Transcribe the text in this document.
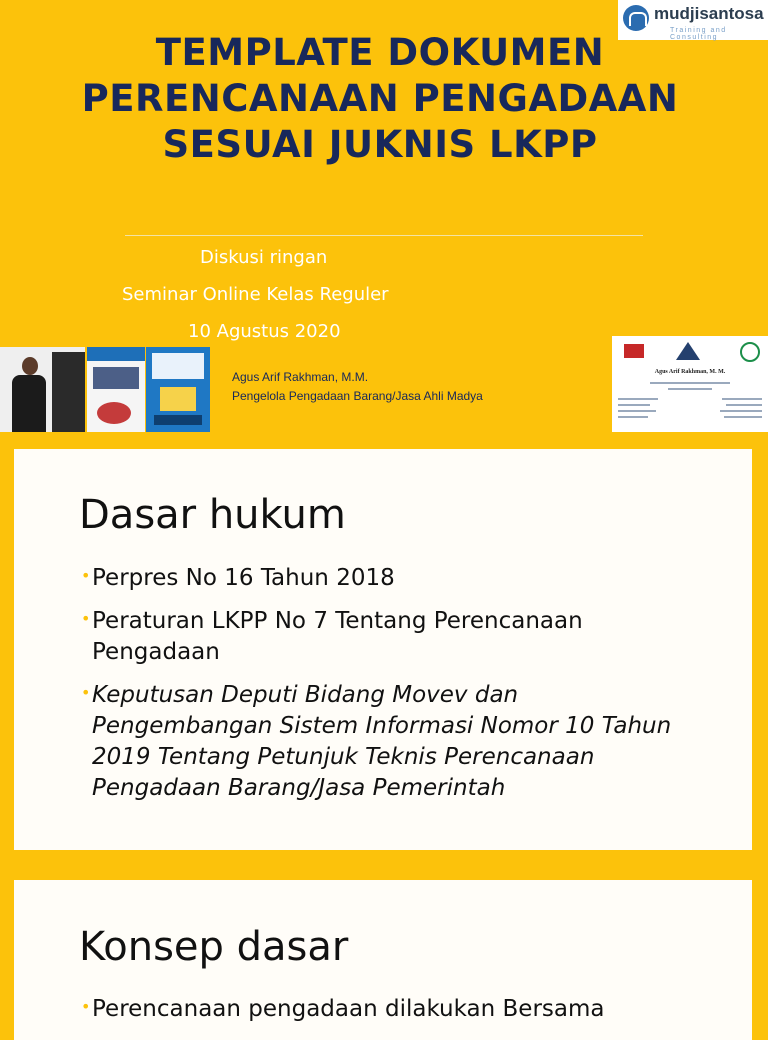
TEMPLATE DOKUMEN PERENCANAAN PENGADAAN SESUAI JUKNIS LKPP
Diskusi ringan
Seminar Online Kelas Reguler
10 Agustus 2020
mudjisantosa
Training and Consulting
Agus Arif Rakhman, M.M.
Pengelola Pengadaan Barang/Jasa Ahli Madya
Agus Arif Rakhman, M. M.
Dasar hukum
• Perpres No 16 Tahun 2018
• Peraturan LKPP No 7 Tentang Perencanaan Pengadaan
• Keputusan Deputi Bidang Movev dan Pengembangan Sistem Informasi Nomor 10 Tahun 2019 Tentang Petunjuk Teknis Perencanaan Pengadaan Barang/Jasa Pemerintah
Konsep dasar
• Perencanaan pengadaan dilakukan Bersama
